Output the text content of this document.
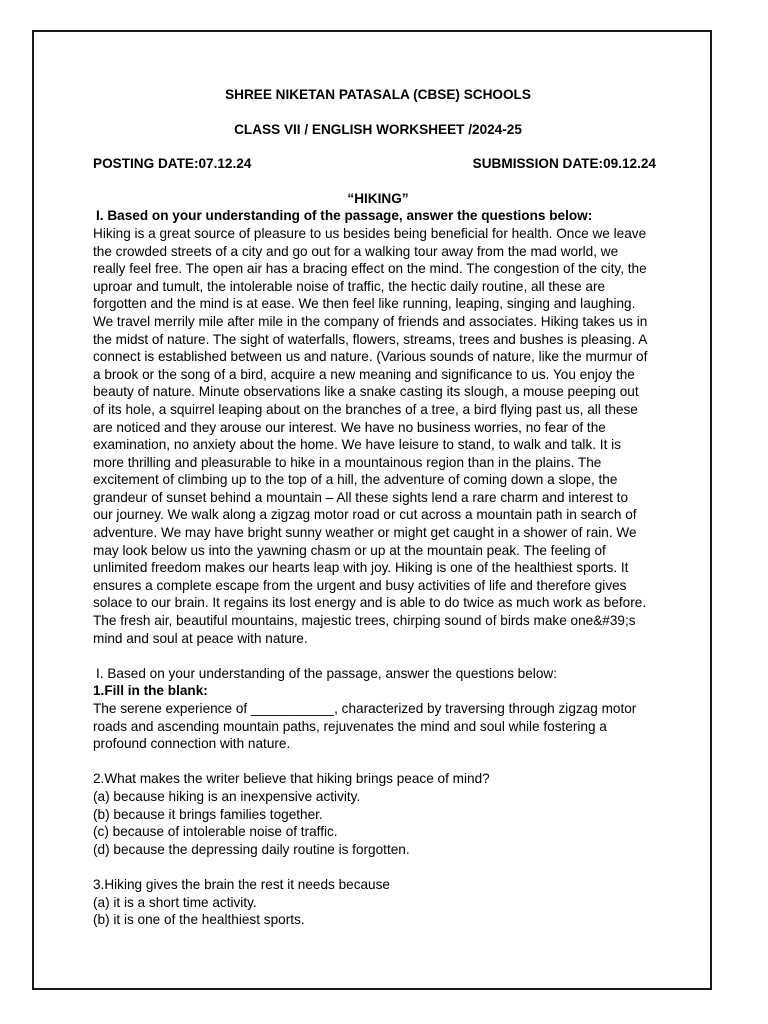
SHREE NIKETAN PATASALA (CBSE) SCHOOLS
CLASS VII / ENGLISH WORKSHEET /2024-25
POSTING DATE:07.12.24	SUBMISSION DATE:09.12.24
“HIKING”
I. Based on your understanding of the passage, answer the questions below:
Hiking is a great source of pleasure to us besides being beneficial for health. Once we leave
the crowded streets of a city and go out for a walking tour away from the mad world, we
really feel free. The open air has a bracing effect on the mind. The congestion of the city, the
uproar and tumult, the intolerable noise of traffic, the hectic daily routine, all these are
forgotten and the mind is at ease. We then feel like running, leaping, singing and laughing.
We travel merrily mile after mile in the company of friends and associates. Hiking takes us in
the midst of nature. The sight of waterfalls, flowers, streams, trees and bushes is pleasing. A
connect is established between us and nature. (Various sounds of nature, like the murmur of
a brook or the song of a bird, acquire a new meaning and significance to us. You enjoy the
beauty of nature. Minute observations like a snake casting its slough, a mouse peeping out
of its hole, a squirrel leaping about on the branches of a tree, a bird flying past us, all these
are noticed and they arouse our interest. We have no business worries, no fear of the
examination, no anxiety about the home. We have leisure to stand, to walk and talk. It is
more thrilling and pleasurable to hike in a mountainous region than in the plains. The
excitement of climbing up to the top of a hill, the adventure of coming down a slope, the
grandeur of sunset behind a mountain – All these sights lend a rare charm and interest to
our journey. We walk along a zigzag motor road or cut across a mountain path in search of
adventure. We may have bright sunny weather or might get caught in a shower of rain. We
may look below us into the yawning chasm or up at the mountain peak. The feeling of
unlimited freedom makes our hearts leap with joy. Hiking is one of the healthiest sports. It
ensures a complete escape from the urgent and busy activities of life and therefore gives
solace to our brain. It regains its lost energy and is able to do twice as much work as before.
The fresh air, beautiful mountains, majestic trees, chirping sound of birds make one&#39;s
mind and soul at peace with nature.
I. Based on your understanding of the passage, answer the questions below:
1.Fill in the blank:
The serene experience of ___________, characterized by traversing through zigzag motor
roads and ascending mountain paths, rejuvenates the mind and soul while fostering a
profound connection with nature.
2.What makes the writer believe that hiking brings peace of mind?
(a) because hiking is an inexpensive activity.
(b) because it brings families together.
(c) because of intolerable noise of traffic.
(d) because the depressing daily routine is forgotten.
3.Hiking gives the brain the rest it needs because
(a) it is a short time activity.
(b) it is one of the healthiest sports.
